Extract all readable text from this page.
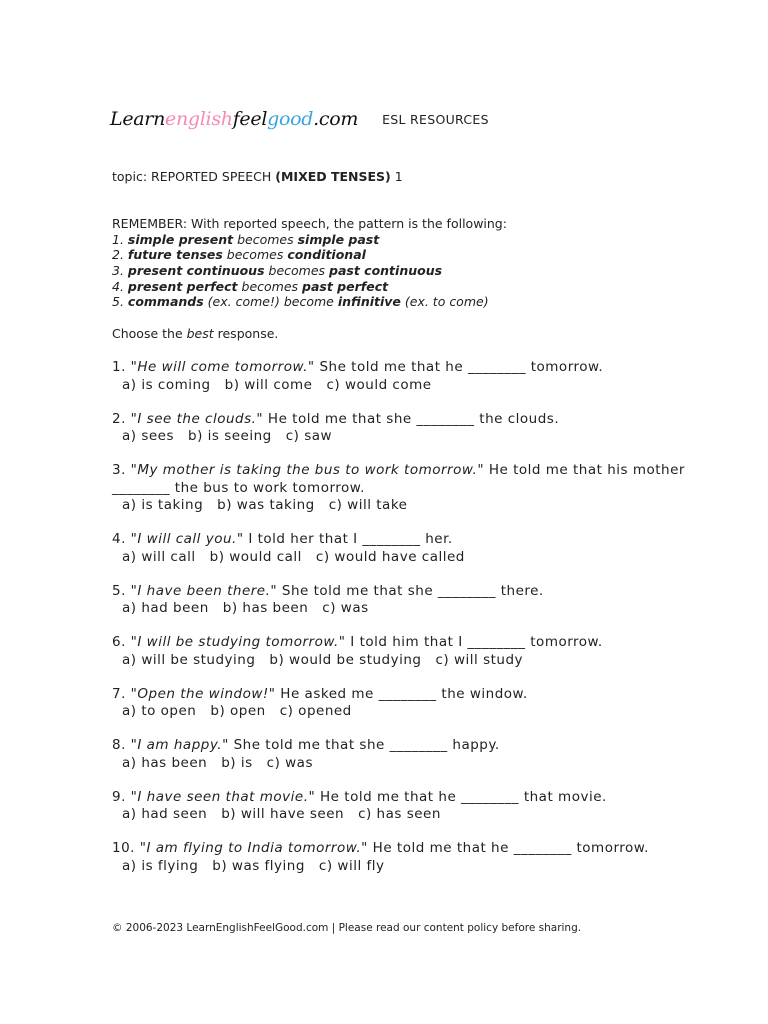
Learnenglishfeelgood.com ESL RESOURCES
topic: REPORTED SPEECH (MIXED TENSES) 1
REMEMBER: With reported speech, the pattern is the following:
1. simple present becomes simple past
2. future tenses becomes conditional
3. present continuous becomes past continuous
4. present perfect becomes past perfect
5. commands (ex. come!) become infinitive (ex. to come)
Choose the best response.
1. "He will come tomorrow." She told me that he ________ tomorrow.
a) is coming b) will come c) would come
2. "I see the clouds." He told me that she ________ the clouds.
a) sees b) is seeing c) saw
3. "My mother is taking the bus to work tomorrow." He told me that his mother
________ the bus to work tomorrow.
a) is taking b) was taking c) will take
4. "I will call you." I told her that I ________ her.
a) will call b) would call c) would have called
5. "I have been there." She told me that she ________ there.
a) had been b) has been c) was
6. "I will be studying tomorrow." I told him that I ________ tomorrow.
a) will be studying b) would be studying c) will study
7. "Open the window!" He asked me ________ the window.
a) to open b) open c) opened
8. "I am happy." She told me that she ________ happy.
a) has been b) is c) was
9. "I have seen that movie." He told me that he ________ that movie.
a) had seen b) will have seen c) has seen
10. "I am flying to India tomorrow." He told me that he ________ tomorrow.
a) is flying b) was flying c) will fly
© 2006-2023 LearnEnglishFeelGood.com | Please read our content policy before sharing.
